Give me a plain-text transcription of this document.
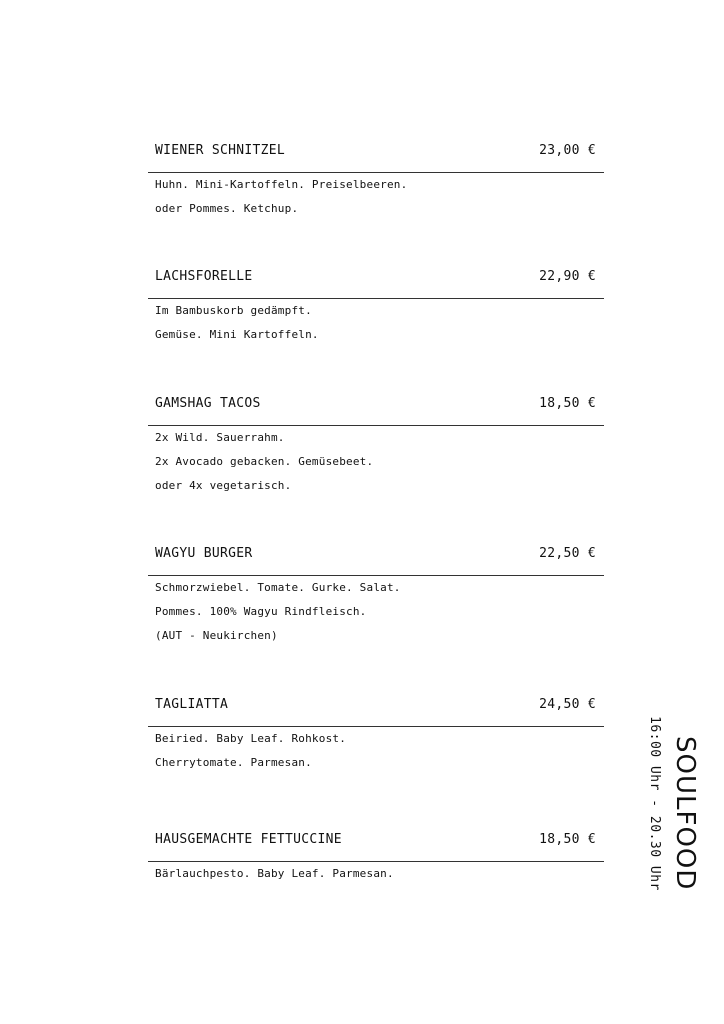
WIENER SCHNITZEL	23,00 €
Huhn. Mini-Kartoffeln. Preiselbeeren.
oder Pommes. Ketchup.
LACHSFORELLE	22,90 €
Im Bambuskorb gedämpft.
Gemüse. Mini Kartoffeln.
GAMSHAG TACOS	18,50 €
2x Wild. Sauerrahm.
2x Avocado gebacken. Gemüsebeet.
oder 4x vegetarisch.
WAGYU BURGER	22,50 €
Schmorzwiebel. Tomate. Gurke. Salat.
Pommes. 100% Wagyu Rindfleisch.
(AUT - Neukirchen)
TAGLIATTA	24,50 €
Beiried. Baby Leaf. Rohkost.
Cherrytomate. Parmesan.
HAUSGEMACHTE FETTUCCINE	18,50 €
Bärlauchpesto. Baby Leaf. Parmesan.	SOULFOOD
16:00 Uhr - 20.30 Uhr
